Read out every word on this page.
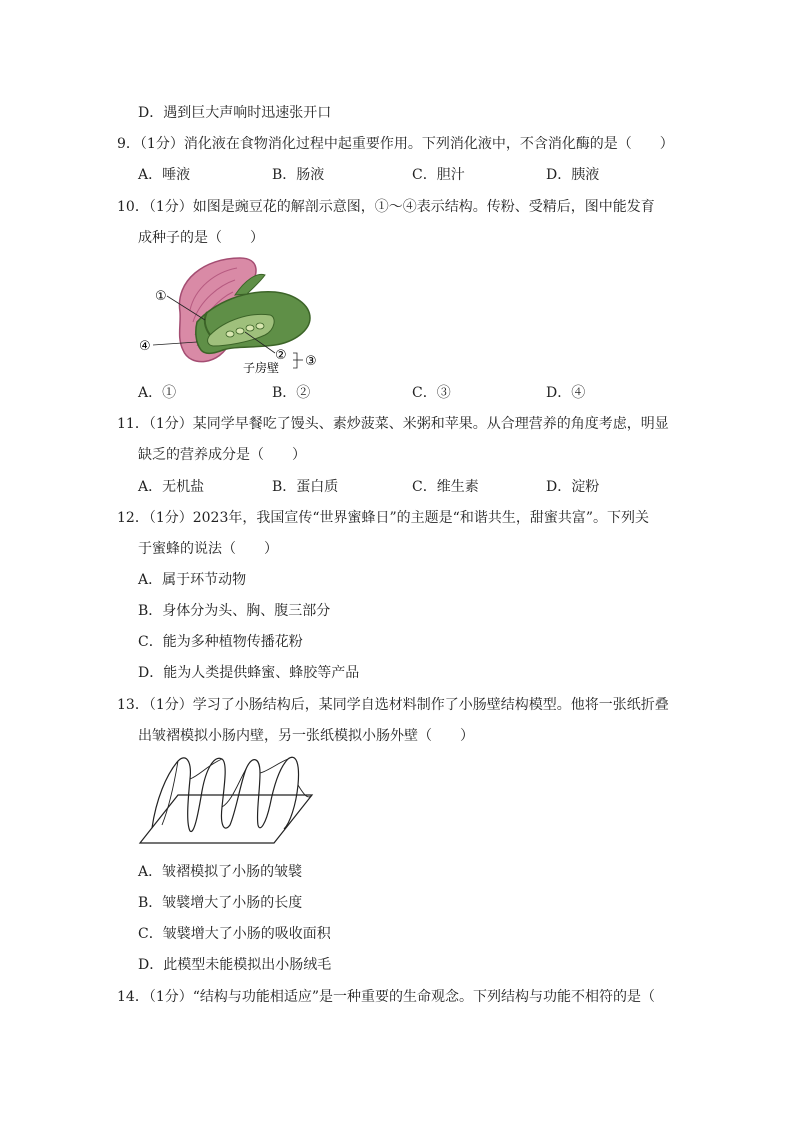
D．遇到巨大声响时迅速张开口
9．（1分）消化液在食物消化过程中起重要作用。下列消化液中，不含消化酶的是（　　）
A．唾液	B．肠液	C．胆汁	D．胰液
10．（1分）如图是豌豆花的解剖示意图，①～④表示结构。传粉、受精后，图中能发育
成种子的是（　　）
①
④
② ③
子房壁
A．①	B．②	C．③	D．④
11．（1分）某同学早餐吃了馒头、素炒菠菜、米粥和苹果。从合理营养的角度考虑，明显
缺乏的营养成分是（　　）
A．无机盐	B．蛋白质	C．维生素	D．淀粉
12．（1分）2023年，我国宣传“世界蜜蜂日”的主题是“和谐共生，甜蜜共富”。下列关
于蜜蜂的说法（　　）
A．属于环节动物
B．身体分为头、胸、腹三部分
C．能为多种植物传播花粉
D．能为人类提供蜂蜜、蜂胶等产品
13．（1分）学习了小肠结构后，某同学自选材料制作了小肠壁结构模型。他将一张纸折叠
出皱褶模拟小肠内壁，另一张纸模拟小肠外壁（　　）
A．皱褶模拟了小肠的皱襞
B．皱襞增大了小肠的长度
C．皱襞增大了小肠的吸收面积
D．此模型未能模拟出小肠绒毛
14．（1分）“结构与功能相适应”是一种重要的生命观念。下列结构与功能不相符的是（
